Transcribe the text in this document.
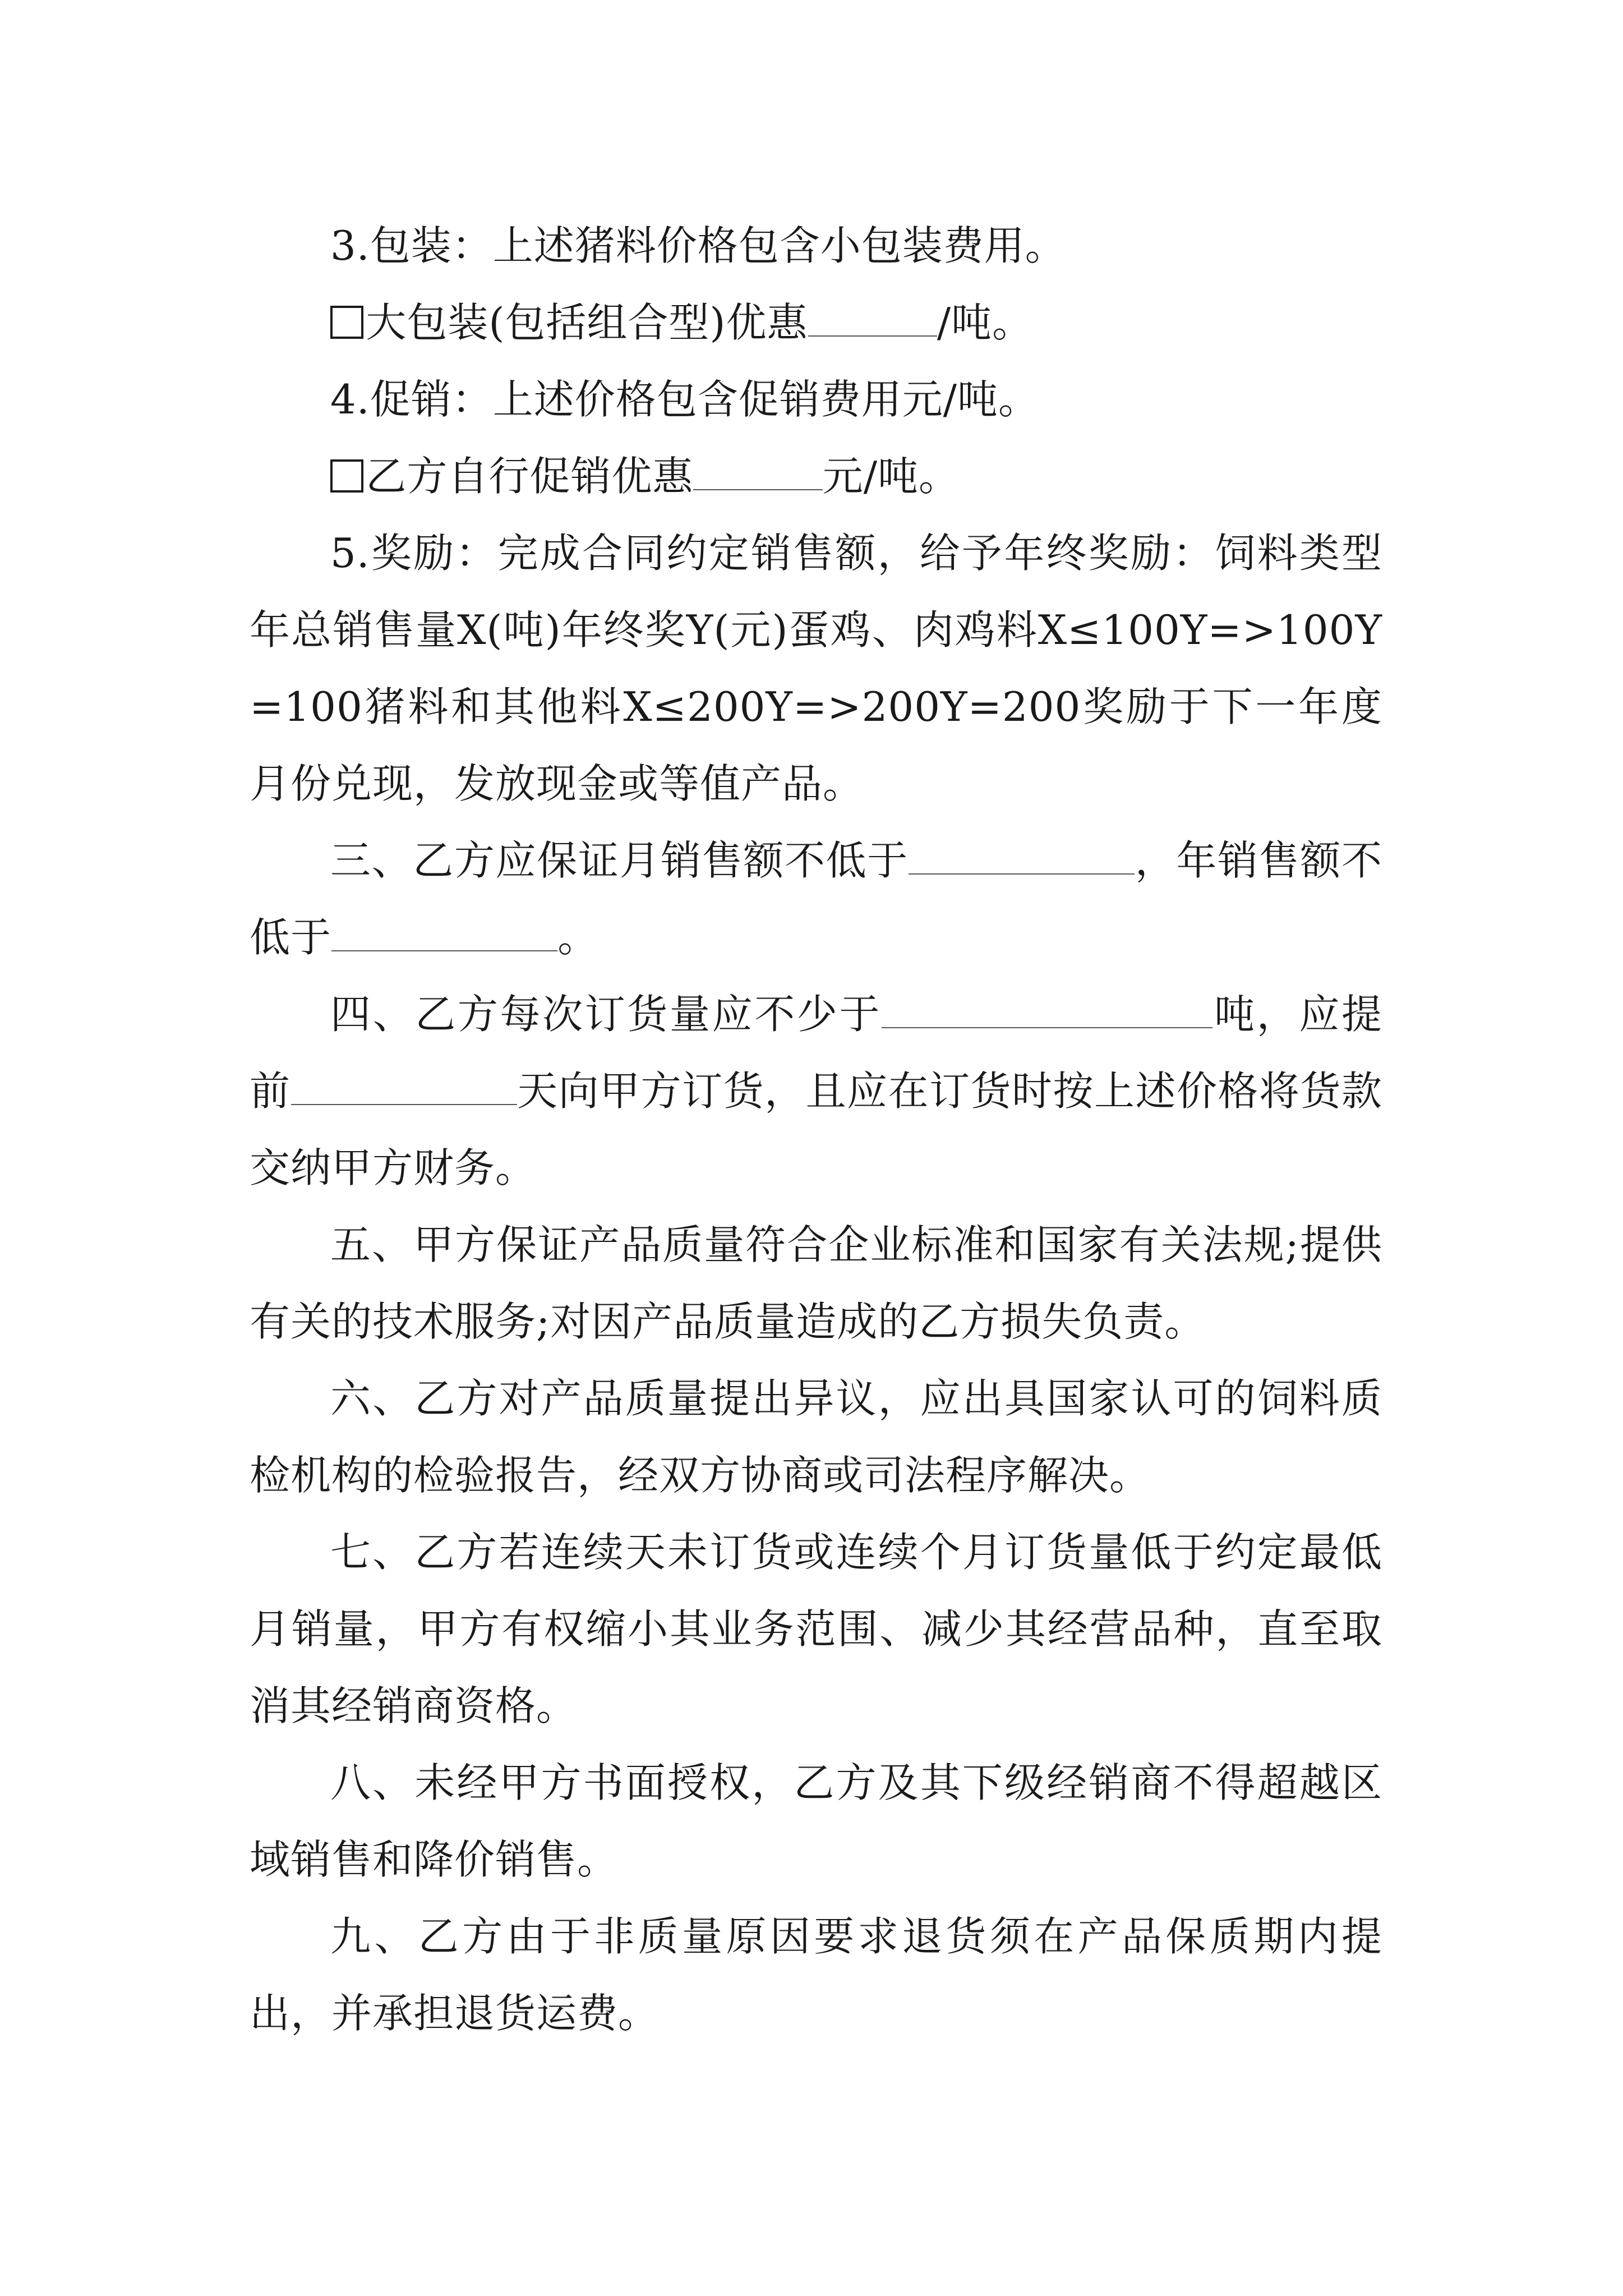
3.包装：上述猪料价格包含小包装费用。

大包装(包括组合型)优惠	/吨。

4.促销：上述价格包含促销费用元/吨。

乙方自行促销优惠	元/吨。

5.奖励：完成合同约定销售额，给予年终奖励：饲料类型年总销售量X(吨)年终奖Y(元)蛋鸡、肉鸡料X≤100Y=>100Y=100猪料和其他料X≤200Y=>200Y=200奖励于下一年度月份兑现，发放现金或等值产品。

三、乙方应保证月销售额不低于	，年销售额不低于	。

四、乙方每次订货量应不少于	吨，应提前	天向甲方订货，且应在订货时按上述价格将货款交纳甲方财务。

五、甲方保证产品质量符合企业标准和国家有关法规;提供有关的技术服务;对因产品质量造成的乙方损失负责。

六、乙方对产品质量提出异议，应出具国家认可的饲料质检机构的检验报告，经双方协商或司法程序解决。

七、乙方若连续天未订货或连续个月订货量低于约定最低月销量，甲方有权缩小其业务范围、减少其经营品种，直至取消其经销商资格。

八、未经甲方书面授权，乙方及其下级经销商不得超越区域销售和降价销售。

九、乙方由于非质量原因要求退货须在产品保质期内提出，并承担退货运费。
